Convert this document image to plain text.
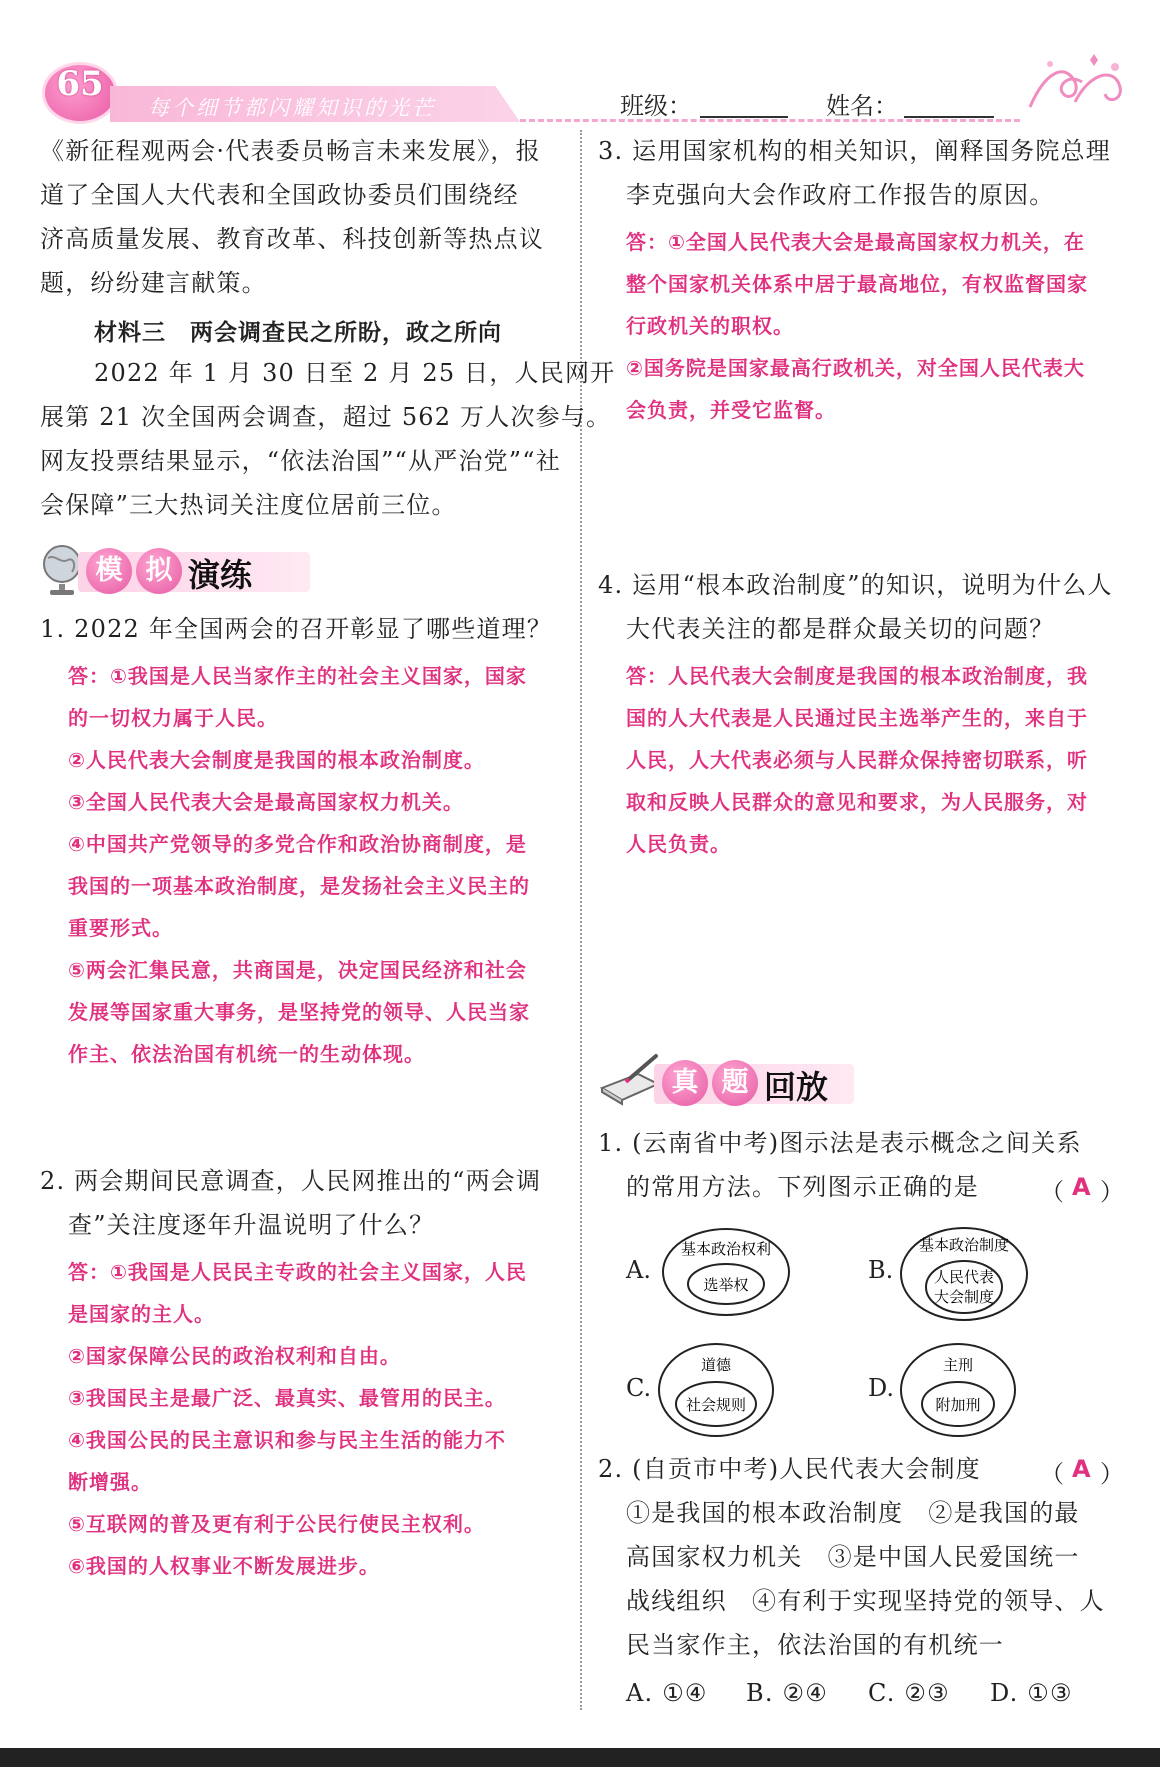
65
每个细节都闪耀知识的光芒	班级：	姓名：
《新征程观两会·代表委员畅言未来发展》，报
道了全国人大代表和全国政协委员们围绕经
济高质量发展、教育改革、科技创新等热点议
题，纷纷建言献策。
材料三　两会调查民之所盼，政之所向
2022 年 1 月 30 日至 2 月 25 日，人民网开
展第 21 次全国两会调查，超过 562 万人次参与。
网友投票结果显示，“依法治国”“从严治党”“社
会保障”三大热词关注度位居前三位。
模 拟 演练
1. 2022 年全国两会的召开彰显了哪些道理？
答：①我国是人民当家作主的社会主义国家，国家
的一切权力属于人民。
②人民代表大会制度是我国的根本政治制度。
③全国人民代表大会是最高国家权力机关。
④中国共产党领导的多党合作和政治协商制度，是
我国的一项基本政治制度，是发扬社会主义民主的
重要形式。
⑤两会汇集民意，共商国是，决定国民经济和社会
发展等国家重大事务，是坚持党的领导、人民当家
作主、依法治国有机统一的生动体现。
2. 两会期间民意调查，人民网推出的“两会调
查”关注度逐年升温说明了什么？
答：①我国是人民民主专政的社会主义国家，人民
是国家的主人。
②国家保障公民的政治权利和自由。
③我国民主是最广泛、最真实、最管用的民主。
④我国公民的民主意识和参与民主生活的能力不
断增强。
⑤互联网的普及更有利于公民行使民主权利。
⑥我国的人权事业不断发展进步。
3. 运用国家机构的相关知识，阐释国务院总理
李克强向大会作政府工作报告的原因。
答：①全国人民代表大会是最高国家权力机关，在
整个国家机关体系中居于最高地位，有权监督国家
行政机关的职权。
②国务院是国家最高行政机关，对全国人民代表大
会负责，并受它监督。
4. 运用“根本政治制度”的知识，说明为什么人
大代表关注的都是群众最关切的问题？
答：人民代表大会制度是我国的根本政治制度，我
国的人大代表是人民通过民主选举产生的，来自于
人民，人大代表必须与人民群众保持密切联系，听
取和反映人民群众的意见和要求，为人民服务，对
人民负责。
真 题 回放
1. (云南省中考)图示法是表示概念之间关系
的常用方法。下列图示正确的是	（ A ）
A.
基本政治权利
选举权
B.
基本政治制度
人民代表
大会制度
C.
道德
社会规则
D.
主刑
附加刑
2. (自贡市中考)人民代表大会制度 （ A ）
①是我国的根本政治制度　②是我国的最
高国家权力机关　③是中国人民爱国统一
战线组织　④有利于实现坚持党的领导、人
民当家作主，依法治国的有机统一
A. ①④ B. ②④ C. ②③ D. ①③
